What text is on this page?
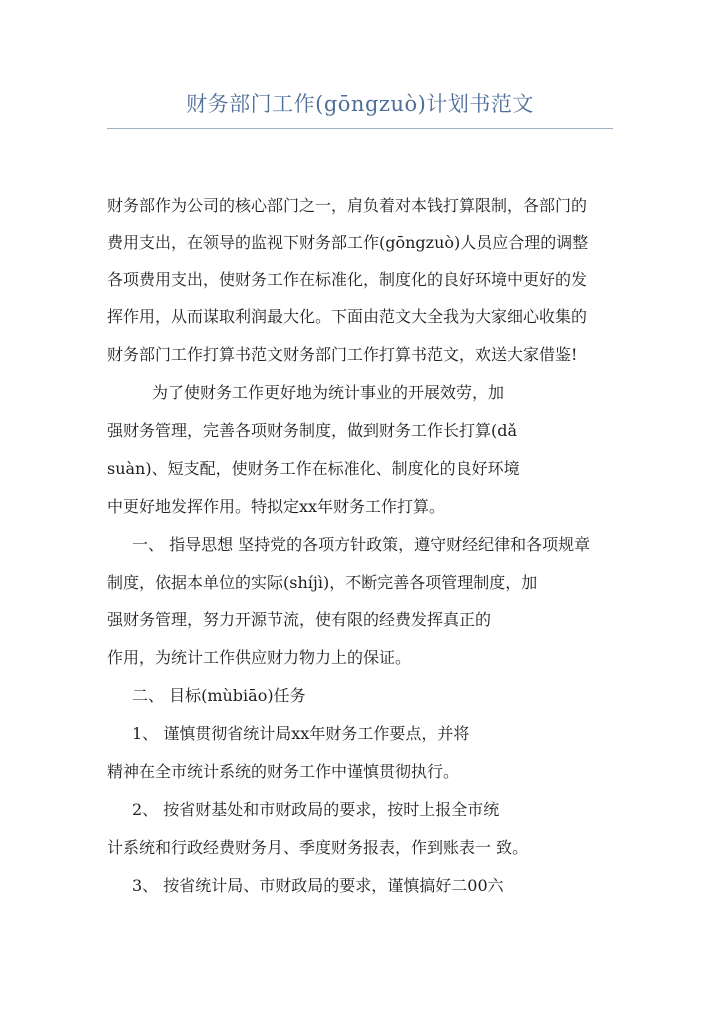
财务部门工作(gōngzuò)计划书范文
财务部作为公司的核心部门之一，肩负着对本钱打算限制，各部门的
费用支出，在领导的监视下财务部工作(gōngzuò)人员应合理的调整
各项费用支出，使财务工作在标准化，制度化的良好环境中更好的发
挥作用，从而谋取利润最大化。下面由范文大全我为大家细心收集的
财务部门工作打算书范文财务部门工作打算书范文，欢送大家借鉴!
为了使财务工作更好地为统计事业的开展效劳，加
强财务管理，完善各项财务制度，做到财务工作长打算(dǎ
suàn)、短支配，使财务工作在标准化、制度化的良好环境
中更好地发挥作用。特拟定xx年财务工作打算。
一、 指导思想 坚持党的各项方针政策，遵守财经纪律和各项规章
制度，依据本单位的实际(shíjì)，不断完善各项管理制度，加
强财务管理，努力开源节流，使有限的经费发挥真正的
作用，为统计工作供应财力物力上的保证。
二、 目标(mùbiāo)任务
1、 谨慎贯彻省统计局xx年财务工作要点，并将
精神在全市统计系统的财务工作中谨慎贯彻执行。
2、 按省财基处和市财政局的要求，按时上报全市统
计系统和行政经费财务月、季度财务报表，作到账表一 致。
3、 按省统计局、市财政局的要求，谨慎搞好二00六
